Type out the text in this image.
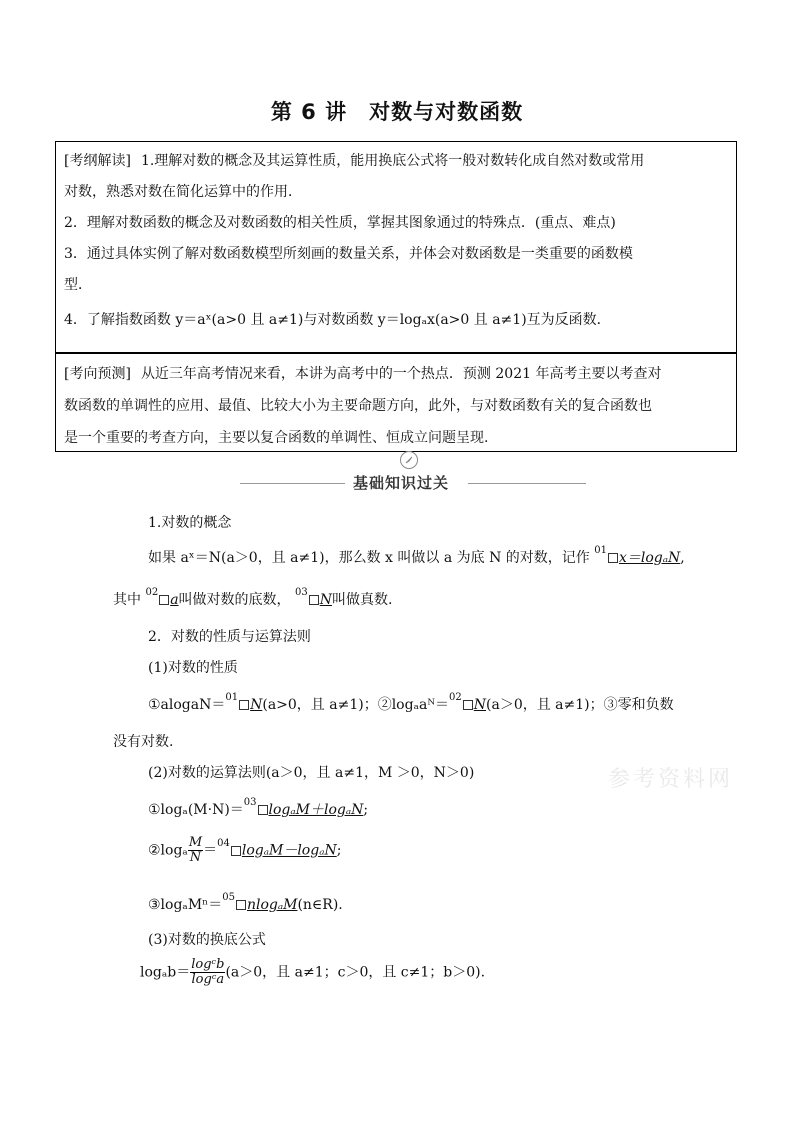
第 6 讲　对数与对数函数
[考纲解读] 1.理解对数的概念及其运算性质，能用换底公式将一般对数转化成自然对数或常用
对数，熟悉对数在简化运算中的作用．
2．理解对数函数的概念及对数函数的相关性质，掌握其图象通过的特殊点．(重点、难点)
3．通过具体实例了解对数函数模型所刻画的数量关系，并体会对数函数是一类重要的函数模
型．
4．了解指数函数 y＝aˣ(a>0 且 a≠1)与对数函数 y＝logₐx(a>0 且 a≠1)互为反函数．
[考向预测] 从近三年高考情况来看，本讲为高考中的一个热点．预测 2021 年高考主要以考查对
数函数的单调性的应用、最值、比较大小为主要命题方向，此外，与对数函数有关的复合函数也
是一个重要的考查方向，主要以复合函数的单调性、恒成立问题呈现.
基础知识过关
1.对数的概念
如果 aˣ＝N(a＞0，且 a≠1)，那么数 x 叫做以 a 为底 N 的对数，记作 $^{01}$ x＝logₐN,
其中 $^{02}$ a叫做对数的底数， $^{03}$ N叫做真数.
2．对数的性质与运算法则
(1)对数的性质
①alogaN＝$^{01}$ N(a>0，且 a≠1)；②logₐaᴺ＝$^{02}$ N(a＞0，且 a≠1)；③零和负数
没有对数.
(2)对数的运算法则(a＞0，且 a≠1，M ＞0，N＞0)
①logₐ(M·N)＝$^{03}$ logₐM＋logₐN;
②logₐ $\frac{M}{N} =^{04}$ logₐM－logₐN;
③logₐMⁿ＝$^{05}$ nlogₐM(n∈R).
(3)对数的换底公式
$\log_ab= \frac{\text{logᶜb}}{\text{logᶜa}} (a>0$，且 a≠1；c＞0，且 c≠1；b＞0).
参考资料网
